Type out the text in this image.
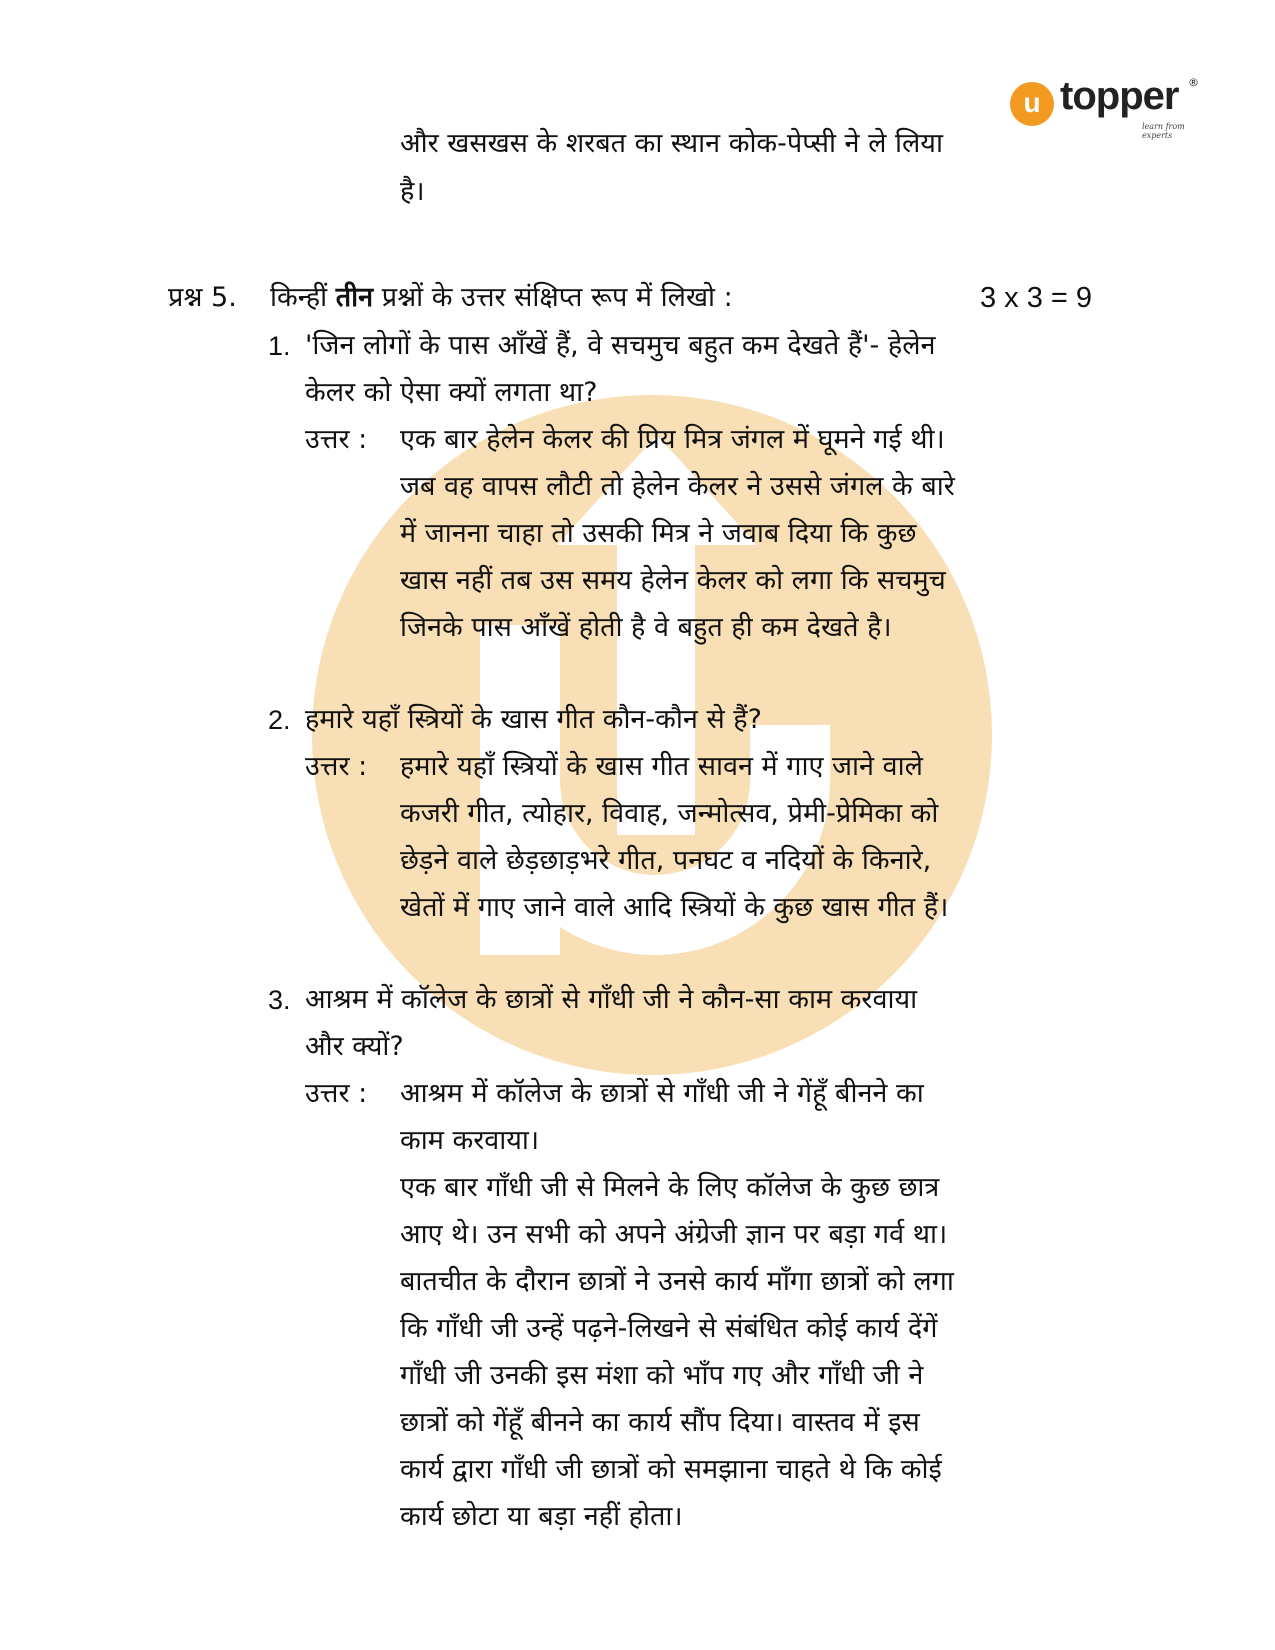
u topper ®
learn from experts
और खसखस के शरबत का स्थान कोक-पेप्सी ने ले लिया
है।
प्रश्न 5. किन्हीं तीन प्रश्नों के उत्तर संक्षिप्त रूप में लिखो :	3 x 3 = 9
1. 'जिन लोगों के पास आँखें हैं, वे सचमुच बहुत कम देखते हैं'- हेलेन
केलर को ऐसा क्यों लगता था?
उत्तर : एक बार हेलेन केलर की प्रिय मित्र जंगल में घूमने गई थी।
जब वह वापस लौटी तो हेलेन केलर ने उससे जंगल के बारे
में जानना चाहा तो उसकी मित्र ने जवाब दिया कि कुछ
खास नहीं तब उस समय हेलेन केलर को लगा कि सचमुच
जिनके पास आँखें होती है वे बहुत ही कम देखते है।
2. हमारे यहाँ स्त्रियों के खास गीत कौन-कौन से हैं?
उत्तर : हमारे यहाँ स्त्रियों के खास गीत सावन में गाए जाने वाले
कजरी गीत, त्योहार, विवाह, जन्मोत्सव, प्रेमी-प्रेमिका को
छेड़ने वाले छेड़छाड़भरे गीत, पनघट व नदियों के किनारे,
खेतों में गाए जाने वाले आदि स्त्रियों के कुछ खास गीत हैं।
3. आश्रम में कॉलेज के छात्रों से गाँधी जी ने कौन-सा काम करवाया
और क्यों?
उत्तर : आश्रम में कॉलेज के छात्रों से गाँधी जी ने गेंहूँ बीनने का
काम करवाया।
एक बार गाँधी जी से मिलने के लिए कॉलेज के कुछ छात्र
आए थे। उन सभी को अपने अंग्रेजी ज्ञान पर बड़ा गर्व था।
बातचीत के दौरान छात्रों ने उनसे कार्य माँगा छात्रों को लगा
कि गाँधी जी उन्हें पढ़ने-लिखने से संबंधित कोई कार्य देंगें
गाँधी जी उनकी इस मंशा को भाँप गए और गाँधी जी ने
छात्रों को गेंहूँ बीनने का कार्य सौंप दिया। वास्तव में इस
कार्य द्वारा गाँधी जी छात्रों को समझाना चाहते थे कि कोई
कार्य छोटा या बड़ा नहीं होता।
